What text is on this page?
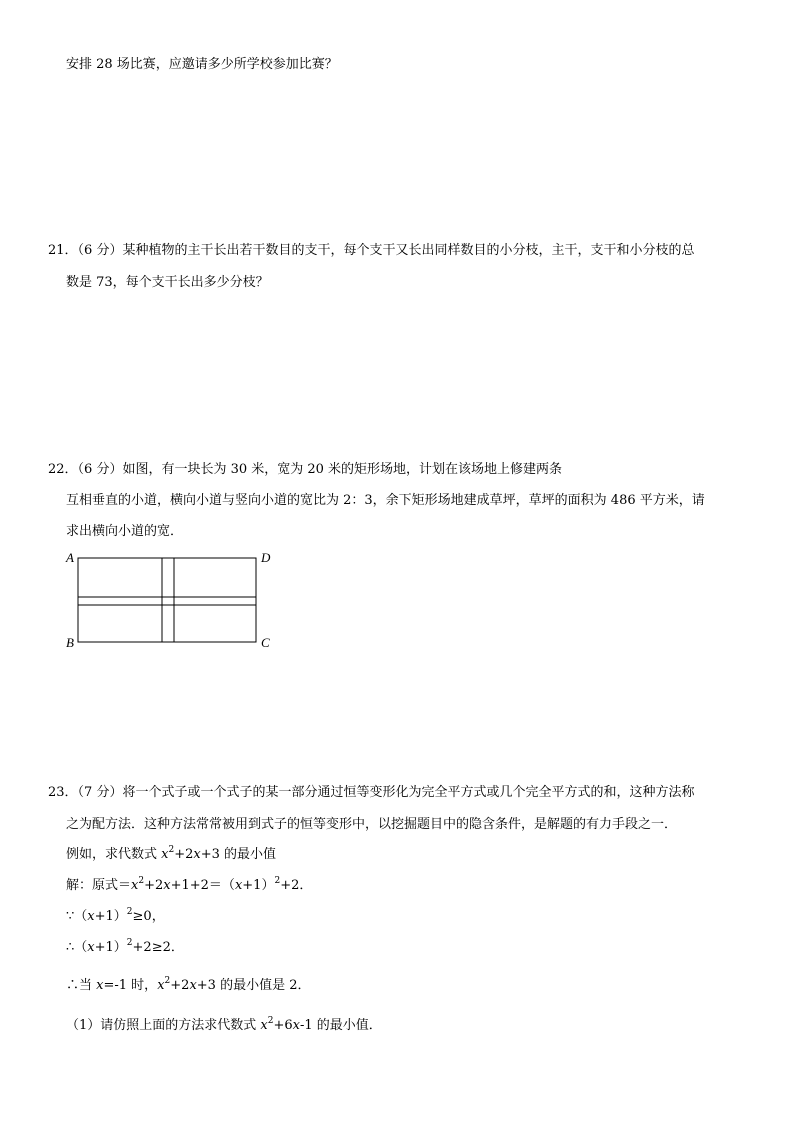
安排 28 场比赛，应邀请多少所学校参加比赛？
21．（6 分）某种植物的主干长出若干数目的支干，每个支干又长出同样数目的小分枝，主干，支干和小分枝的总
数是 73，每个支干长出多少分枝？
22．（6 分）如图，有一块长为 30 米，宽为 20 米的矩形场地，计划在该场地上修建两条
互相垂直的小道，横向小道与竖向小道的宽比为 2：3，余下矩形场地建成草坪，草坪的面积为 486 平方米，请
求出横向小道的宽．
A	D
B	C
23．（7 分）将一个式子或一个式子的某一部分通过恒等变形化为完全平方式或几个完全平方式的和，这种方法称
之为配方法．这种方法常常被用到式子的恒等变形中，以挖掘题目中的隐含条件，是解题的有力手段之一．
例如，求代数式 $x^2+2x+3$ 的最小值
解：原式$=x^2+2x+1+2=(x+1)^2+2$．
$\because(x+1)^2\ge 0$，
$\therefore(x+1)^2+2\ge 2$．
∴当 x=-1 时，$x^2+2x+3$ 的最小值是 2．
（1）请仿照上面的方法求代数式 $x^2+6x-1$ 的最小值．
